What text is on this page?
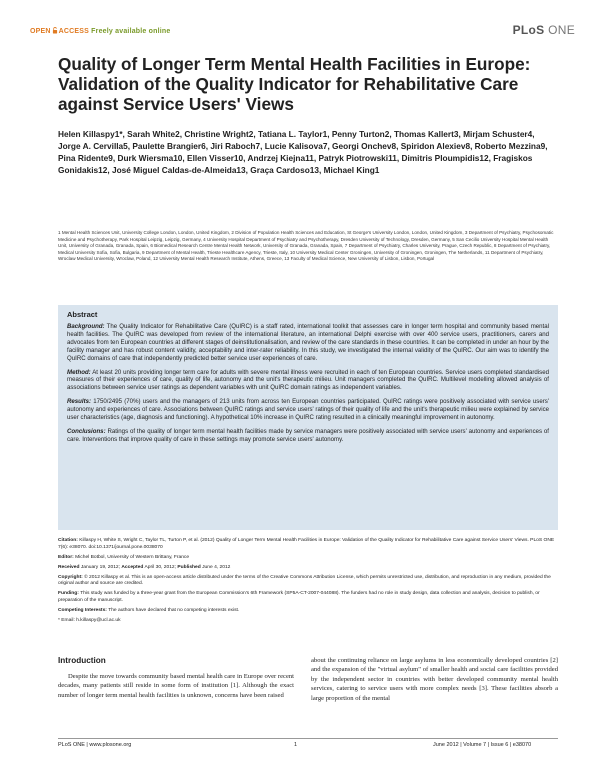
OPEN ACCESS Freely available online	PLoS ONE
Quality of Longer Term Mental Health Facilities in Europe: Validation of the Quality Indicator for Rehabilitative Care against Service Users' Views

Helen Killaspy1*, Sarah White2, Christine Wright2, Tatiana L. Taylor1, Penny Turton2, Thomas Kallert3, Mirjam Schuster4, Jorge A. Cervilla5, Paulette Brangier6, Jiri Raboch7, Lucie Kalisova7, Georgi Onchev8, Spiridon Alexiev8, Roberto Mezzina9, Pina Ridente9, Durk Wiersma10, Ellen Visser10, Andrzej Kiejna11, Patryk Piotrowski11, Dimitris Ploumpidis12, Fragiskos Gonidakis12, José Miguel Caldas-de-Almeida13, Graça Cardoso13, Michael King1

1 Mental Health Sciences Unit, University College London, London, United Kingdom, 2 Division of Population Health Sciences and Education, St George's University London, London, United Kingdom, 3 Department of Psychiatry, Psychosomatic Medicine and Psychotherapy, Park Hospital Leipzig, Leipzig, Germany, 4 University Hospital Department of Psychiatry and Psychotherapy, Dresden University of Technology, Dresden, Germany, 5 San Cecilio University Hospital Mental Health Unit, University of Granada, Granada, Spain, 6 Biomedical Research Centre Mental Health Network, University of Granada, Granada, Spain, 7 Department of Psychiatry, Charles University, Prague, Czech Republic, 8 Department of Psychiatry, Medical University Sofia, Sofia, Bulgaria, 9 Department of Mental Health, Trieste Healthcare Agency, Trieste, Italy, 10 University Medical Center Groningen, University of Groningen, Groningen, The Netherlands, 11 Department of Psychiatry, Wroclaw Medical University, Wroclaw, Poland, 12 University Mental Health Research Institute, Athens, Greece, 13 Faculty of Medical Science, New University of Lisbon, Lisbon, Portugal

Abstract

Background: The Quality Indicator for Rehabilitative Care (QuIRC) is a staff rated, international toolkit that assesses care in longer term hospital and community based mental health facilities. The QuIRC was developed from review of the international literature, an international Delphi exercise with over 400 service users, practitioners, carers and advocates from ten European countries at different stages of deinstitutionalisation, and review of the care standards in these countries. It can be completed in under an hour by the facility manager and has robust content validity, acceptability and inter-rater reliability. In this study, we investigated the internal validity of the QuIRC. Our aim was to identify the QuIRC domains of care that independently predicted better service user experiences of care.

Method: At least 20 units providing longer term care for adults with severe mental illness were recruited in each of ten European countries. Service users completed standardised measures of their experiences of care, quality of life, autonomy and the unit's therapeutic milieu. Unit managers completed the QuIRC. Multilevel modelling allowed analysis of associations between service user ratings as dependent variables with unit QuIRC domain ratings as independent variables.

Results: 1750/2495 (70%) users and the managers of 213 units from across ten European countries participated. QuIRC ratings were positively associated with service users' autonomy and experiences of care. Associations between QuIRC ratings and service users' ratings of their quality of life and the unit's therapeutic milieu were explained by service user characteristics (age, diagnosis and functioning). A hypothetical 10% increase in QuIRC rating resulted in a clinically meaningful improvement in autonomy.

Conclusions: Ratings of the quality of longer term mental health facilities made by service managers were positively associated with service users' autonomy and experiences of care. Interventions that improve quality of care in these settings may promote service users' autonomy.

Citation: Killaspy H, White S, Wright C, Taylor TL, Turton P, et al. (2012) Quality of Longer Term Mental Health Facilities in Europe: Validation of the Quality Indicator for Rehabilitative Care against Service Users' Views. PLoS ONE 7(6): e38070. doi:10.1371/journal.pone.0038070

Editor: Michel Botbol, University of Western Brittany, France

Received January 19, 2012; Accepted April 30, 2012; Published June 4, 2012

Copyright: © 2012 Killaspy et al. This is an open-access article distributed under the terms of the Creative Commons Attribution License, which permits unrestricted use, distribution, and reproduction in any medium, provided the original author and source are credited.

Funding: This study was funded by a three-year grant from the European Commission's 6th Framework (SP5A-CT-2007-044088). The funders had no role in study design, data collection and analysis, decision to publish, or preparation of the manuscript.

Competing Interests: The authors have declared that no competing interests exist.

* Email: h.killaspy@ucl.ac.uk

Introduction

Despite the move towards community based mental health care in Europe over recent decades, many patients still reside in some form of institution [1]. Although the exact number of longer term mental health facilities is unknown, concerns have been raised

about the continuing reliance on large asylums in less economically developed countries [2] and the expansion of the "virtual asylum" of smaller health and social care facilities provided by the independent sector in countries with better developed community mental health services, catering to service users with more complex needs [3]. These facilities absorb a large proportion of the mental

PLoS ONE | www.plosone.org	1	June 2012 | Volume 7 | Issue 6 | e38070
